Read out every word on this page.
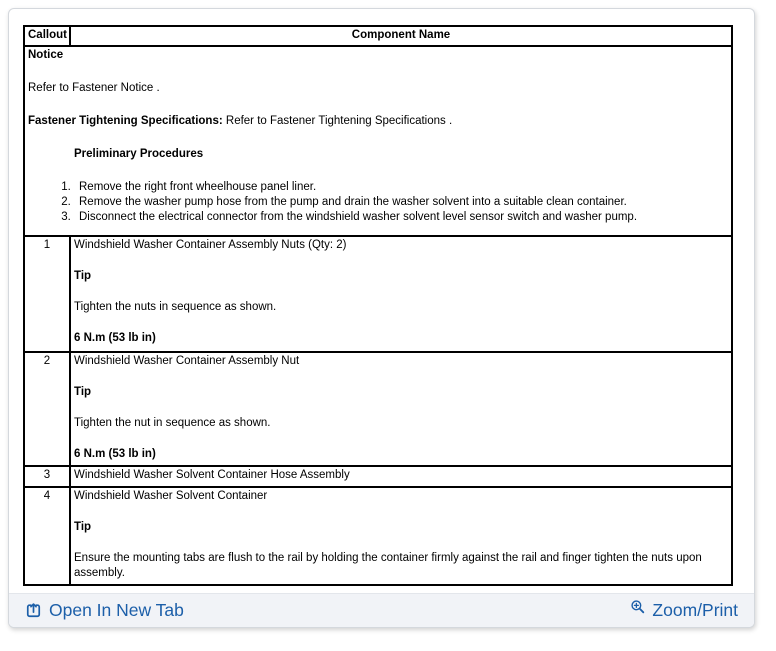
Callout	Component Name

Notice

Refer to Fastener Notice .

Fastener Tightening Specifications: Refer to Fastener Tightening Specifications .

Preliminary Procedures

1. Remove the right front wheelhouse panel liner.
2. Remove the washer pump hose from the pump and drain the washer solvent into a suitable clean container.
3. Disconnect the electrical connector from the windshield washer solvent level sensor switch and washer pump.

1	Windshield Washer Container Assembly Nuts (Qty: 2)

Tip

Tighten the nuts in sequence as shown.

6 N.m (53 lb in)

2	Windshield Washer Container Assembly Nut

Tip

Tighten the nut in sequence as shown.

6 N.m (53 lb in)

3	Windshield Washer Solvent Container Hose Assembly

4	Windshield Washer Solvent Container

Tip

Ensure the mounting tabs are flush to the rail by holding the container firmly against the rail and finger tighten the nuts upon assembly.

Open In New Tab	Zoom/Print
